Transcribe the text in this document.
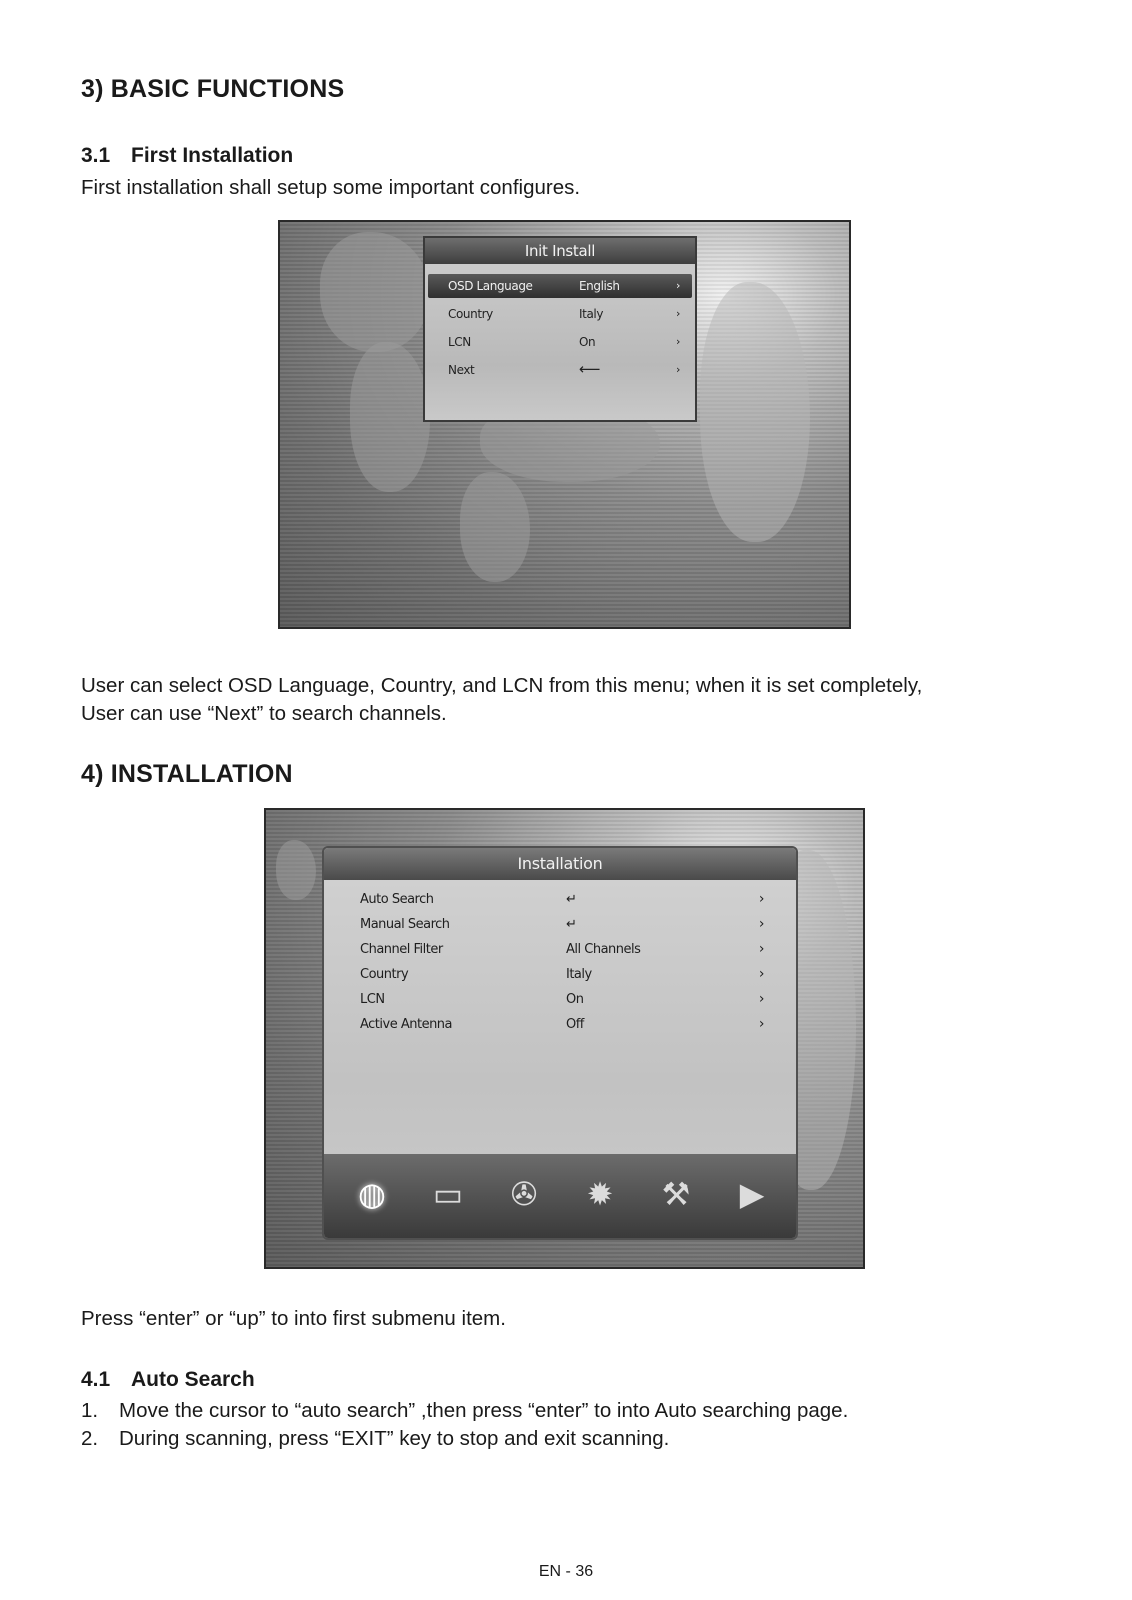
3) BASIC FUNCTIONS
3.1 First Installation
First installation shall setup some important configures.
Init Install
OSD Language	English	›
Country	Italy	›
LCN	On	›
Next	⟵	›
User can select OSD Language, Country, and LCN from this menu; when it is set completely,
User can use “Next” to search channels.
4) INSTALLATION
Installation
Auto Search	↵	›
Manual Search	↵	›
Channel Filter	All Channels	›
Country	Italy	›
LCN	On	›
Active Antenna	Off	›
◍ ▭ ✇ ✹ ⚒	▶
Press “enter” or “up” to into first submenu item.
4.1 Auto Search
1. Move the cursor to “auto search” ,then press “enter” to into Auto searching page.
2. During scanning, press “EXIT” key to stop and exit scanning.
EN - 36
